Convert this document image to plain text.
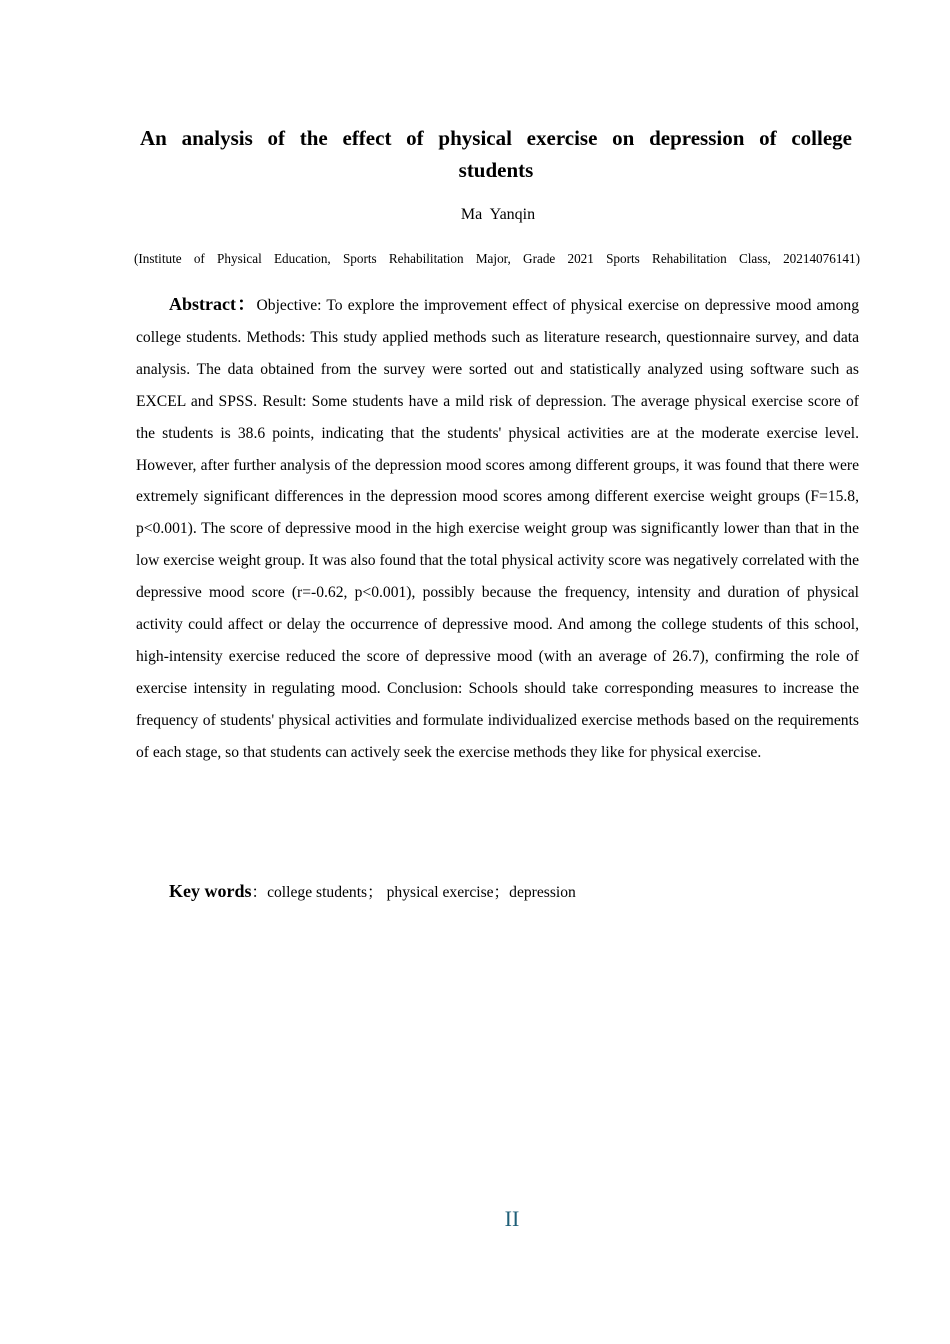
An analysis of the effect of physical exercise on depression of college students
Ma Yanqin
(Institute of Physical Education, Sports Rehabilitation Major, Grade 2021 Sports Rehabilitation Class, 20214076141)

Abstract：Objective: To explore the improvement effect of physical exercise on depressive mood among college students. Methods: This study applied methods such as literature research, questionnaire survey, and data analysis. The data obtained from the survey were sorted out and statistically analyzed using software such as EXCEL and SPSS. Result: Some students have a mild risk of depression. The average physical exercise score of the students is 38.6 points, indicating that the students' physical activities are at the moderate exercise level. However, after further analysis of the depression mood scores among different groups, it was found that there were extremely significant differences in the depression mood scores among different exercise weight groups (F=15.8, p<0.001). The score of depressive mood in the high exercise weight group was significantly lower than that in the low exercise weight group. It was also found that the total physical activity score was negatively correlated with the depressive mood score (r=-0.62, p<0.001), possibly because the frequency, intensity and duration of physical activity could affect or delay the occurrence of depressive mood. And among the college students of this school, high-intensity exercise reduced the score of depressive mood (with an average of 26.7), confirming the role of exercise intensity in regulating mood. Conclusion: Schools should take corresponding measures to increase the frequency of students' physical activities and formulate individualized exercise methods based on the requirements of each stage, so that students can actively seek the exercise methods they like for physical exercise.

Key words：college students； physical exercise；depression

II
